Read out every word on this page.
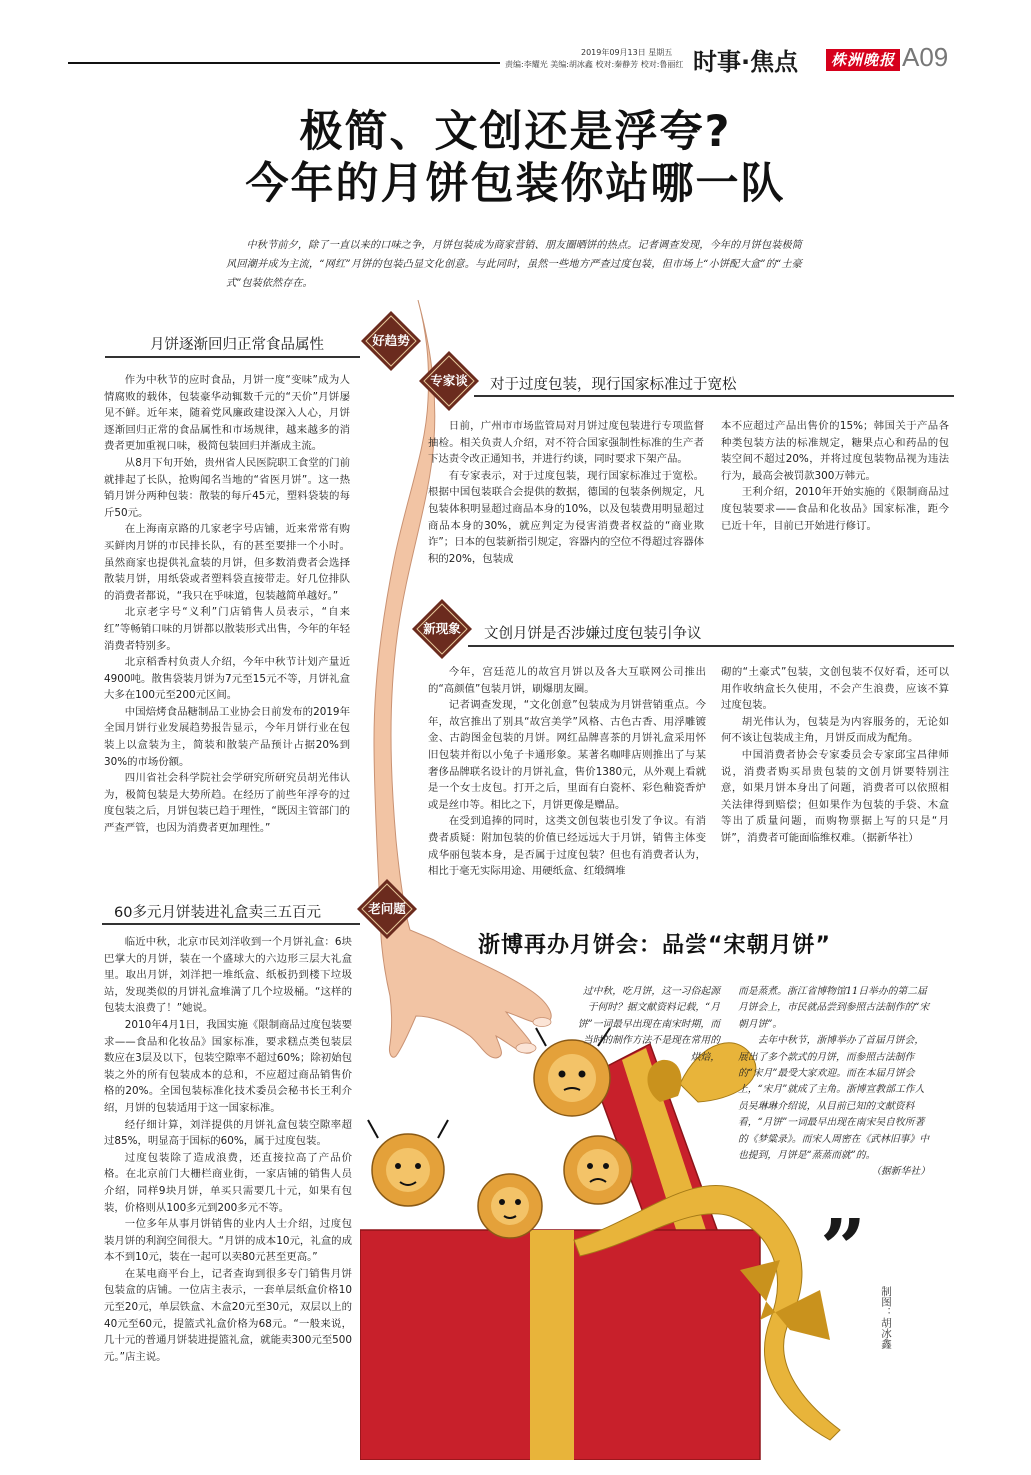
2019年09月13日 星期五
责编:李耀光 美编:胡冰鑫 校对:秦静芳 校对:鲁丽红 时事·焦点	株洲晚报 A09
极简、文创还是浮夸?
今年的月饼包装你站哪一队
中秋节前夕，除了一直以来的口味之争，月饼包装成为商家营销、朋友圈晒饼的热点。记者调查发现，今年的月饼包装极简风回潮并成为主流，“网红”月饼的包装凸显文化创意。与此同时，虽然一些地方严查过度包装，但市场上“小饼配大盒”的“土豪式”包装依然存在。
好趋势
专家谈
新现象
老问题
月饼逐渐回归正常食品属性

作为中秋节的应时食品，月饼一度“变味”成为人情腐败的载体，包装豪华动辄数千元的“天价”月饼屡见不鲜。近年来，随着党风廉政建设深入人心，月饼逐渐回归正常的食品属性和市场规律，越来越多的消费者更加重视口味，极简包装回归并渐成主流。

从8月下旬开始，贵州省人民医院职工食堂的门前就排起了长队，抢购闻名当地的“省医月饼”。这一热销月饼分两种包装：散装的每斤45元，塑料袋装的每斤50元。

在上海南京路的几家老字号店铺，近来常常有购买鲜肉月饼的市民排长队，有的甚至要排一个小时。虽然商家也提供礼盒装的月饼，但多数消费者会选择散装月饼，用纸袋或者塑料袋直接带走。好几位排队的消费者都说，“我只在乎味道，包装越简单越好。”

北京老字号“义利”门店销售人员表示，“自来红”等畅销口味的月饼都以散装形式出售，今年的年轻消费者特别多。

北京稻香村负责人介绍，今年中秋节计划产量近4900吨。散售袋装月饼为7元至15元不等，月饼礼盒大多在100元至200元区间。

中国焙烤食品糖制品工业协会日前发布的2019年全国月饼行业发展趋势报告显示，今年月饼行业在包装上以盒装为主，简装和散装产品预计占据20%到30%的市场份额。

四川省社会科学院社会学研究所研究员胡光伟认为，极简包装是大势所趋。在经历了前些年浮夸的过度包装之后，月饼包装已趋于理性，“既因主管部门的严查严管，也因为消费者更加理性。”

对于过度包装，现行国家标准过于宽松

日前，广州市市场监管局对月饼过度包装进行专项监督抽检。相关负责人介绍，对不符合国家强制性标准的生产者下达责令改正通知书，并进行约谈，同时要求下架产品。

有专家表示，对于过度包装，现行国家标准过于宽松。根据中国包装联合会提供的数据，德国的包装条例规定，凡包装体积明显超过商品本身的10%，以及包装费用明显超过商品本身的30%，就应判定为侵害消费者权益的“商业欺诈”；日本的包装新指引规定，容器内的空位不得超过容器体积的20%，包装成

本不应超过产品出售价的15%；韩国关于产品各种类包装方法的标准规定，糖果点心和药品的包装空间不超过20%，并将过度包装物品视为违法行为，最高会被罚款300万韩元。

王利介绍，2010年开始实施的《限制商品过度包装要求——食品和化妆品》国家标准，距今已近十年，目前已开始进行修订。

文创月饼是否涉嫌过度包装引争议

今年，宫廷范儿的故宫月饼以及各大互联网公司推出的“高颜值”包装月饼，刷爆朋友圈。

记者调查发现，“文化创意”包装成为月饼营销重点。今年，故宫推出了别具“故宫美学”风格、古色古香、用浮雕镀金、古韵图金包装的月饼。网红品牌喜茶的月饼礼盒采用怀旧包装并衔以小兔子卡通形象。某著名咖啡店则推出了与某奢侈品牌联名设计的月饼礼盒，售价1380元，从外观上看就是一个女士皮包。打开之后，里面有白瓷杯、彩色釉瓷香炉或是丝巾等。相比之下，月饼更像是赠品。

在受到追捧的同时，这类文创包装也引发了争议。有消费者质疑：附加包装的价值已经远远大于月饼，销售主体变成华丽包装本身，是否属于过度包装？但也有消费者认为，相比于毫无实际用途、用硬纸盒、红缎绸堆

砌的“土豪式”包装，文创包装不仅好看，还可以用作收纳盒长久使用，不会产生浪费，应该不算过度包装。

胡光伟认为，包装是为内容服务的，无论如何不该让包装成主角，月饼反而成为配角。

中国消费者协会专家委员会专家邱宝昌律师说，消费者购买昂贵包装的文创月饼要特别注意，如果月饼本身出了问题，消费者可以依照相关法律得到赔偿；但如果作为包装的手袋、木盒等出了质量问题，而购物票据上写的只是“月饼”，消费者可能面临维权难。（据新华社）

60多元月饼装进礼盒卖三五百元

临近中秋，北京市民刘洋收到一个月饼礼盒：6块巴掌大的月饼，装在一个盛球大的六边形三层大礼盒里。取出月饼，刘洋把一堆纸盒、纸板扔到楼下垃圾站，发现类似的月饼礼盒堆满了几个垃圾桶。“这样的包装太浪费了！”她说。

2010年4月1日，我国实施《限制商品过度包装要求——食品和化妆品》国家标准，要求糕点类包装层数应在3层及以下，包装空隙率不超过60%；除初始包装之外的所有包装成本的总和，不应超过商品销售价格的20%。全国包装标准化技术委员会秘书长王利介绍，月饼的包装适用于这一国家标准。

经仔细计算，刘洋提供的月饼礼盒包装空隙率超过85%，明显高于国标的60%，属于过度包装。

过度包装除了造成浪费，还直接拉高了产品价格。在北京前门大栅栏商业街，一家店铺的销售人员介绍，同样9块月饼，单买只需要几十元，如果有包装，价格则从100多元到200多元不等。

一位多年从事月饼销售的业内人士介绍，过度包装月饼的利润空间很大。“月饼的成本10元，礼盒的成本不到10元，装在一起可以卖80元甚至更高。”

在某电商平台上，记者查询到很多专门销售月饼包装盒的店铺。一位店主表示，一套单层纸盒价格10元至20元，单层铁盒、木盒20元至30元，双层以上的40元至60元，提篮式礼盒价格为68元。“一般来说，几十元的普通月饼装进提篮礼盒，就能卖300元至500元。”店主说。

浙博再办月饼会：品尝“宋朝月饼”

过中秋，吃月饼，这一习俗起源于何时？据文献资料记载，“月饼”一词最早出现在南宋时期，而当时的制作方法不是现在常用的烘焙，

而是蒸煮。浙江省博物馆11日举办的第二届月饼会上，市民就品尝到参照古法制作的“宋朝月饼”。

去年中秋节，浙博举办了首届月饼会，展出了多个款式的月饼，而参照古法制作的“宋月”最受大家欢迎。而在本届月饼会上，“宋月”就成了主角。浙博宣教部工作人员吴琳琳介绍说，从目前已知的文献资料看，“月饼”一词最早出现在南宋吴自牧所著的《梦粱录》。而宋人周密在《武林旧事》中也提到，月饼是“蒸蒸而就”的。

（据新华社）

”
制图：胡冰鑫
